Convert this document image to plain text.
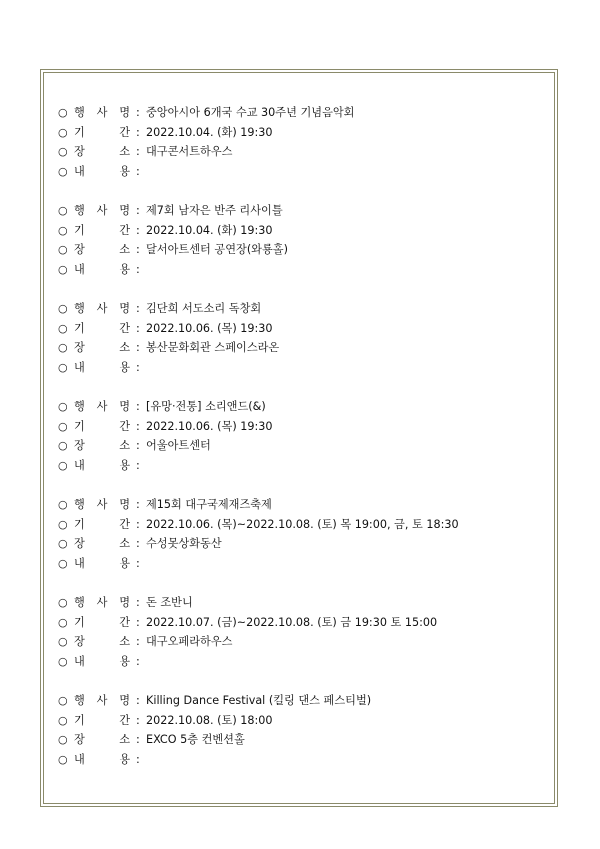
○ 행 사 명 : 중앙아시아 6개국 수교 30주년 기념음악회
○ 기	간 : 2022.10.04. (화) 19:30
○ 장	소 : 대구콘서트하우스
○ 내	용 :
○ 행 사 명 : 제7회 남자은 반주 리사이틀
○ 기	간 : 2022.10.04. (화) 19:30
○ 장	소 : 달서아트센터 공연장(와룡홀)
○ 내	용 :
○ 행 사 명 : 김단희 서도소리 독창회
○ 기	간 : 2022.10.06. (목) 19:30
○ 장	소 : 봉산문화회관 스페이스라온
○ 내	용 :
○ 행 사 명 : [유망·전통] 소리앤드(&)
○ 기	간 : 2022.10.06. (목) 19:30
○ 장	소 : 어울아트센터
○ 내	용 :
○ 행 사 명 : 제15회 대구국제재즈축제
○ 기	간 : 2022.10.06. (목)~2022.10.08. (토) 목 19:00, 금, 토 18:30
○ 장	소 : 수성못상화동산
○ 내	용 :
○ 행 사 명 : 돈 조반니
○ 기	간 : 2022.10.07. (금)~2022.10.08. (토) 금 19:30 토 15:00
○ 장	소 : 대구오페라하우스
○ 내	용 :
○ 행 사 명 : Killing Dance Festival (킬링 댄스 페스티벌)
○ 기	간 : 2022.10.08. (토) 18:00
○ 장	소 : EXCO 5층 컨벤션홀
○ 내	용 :
